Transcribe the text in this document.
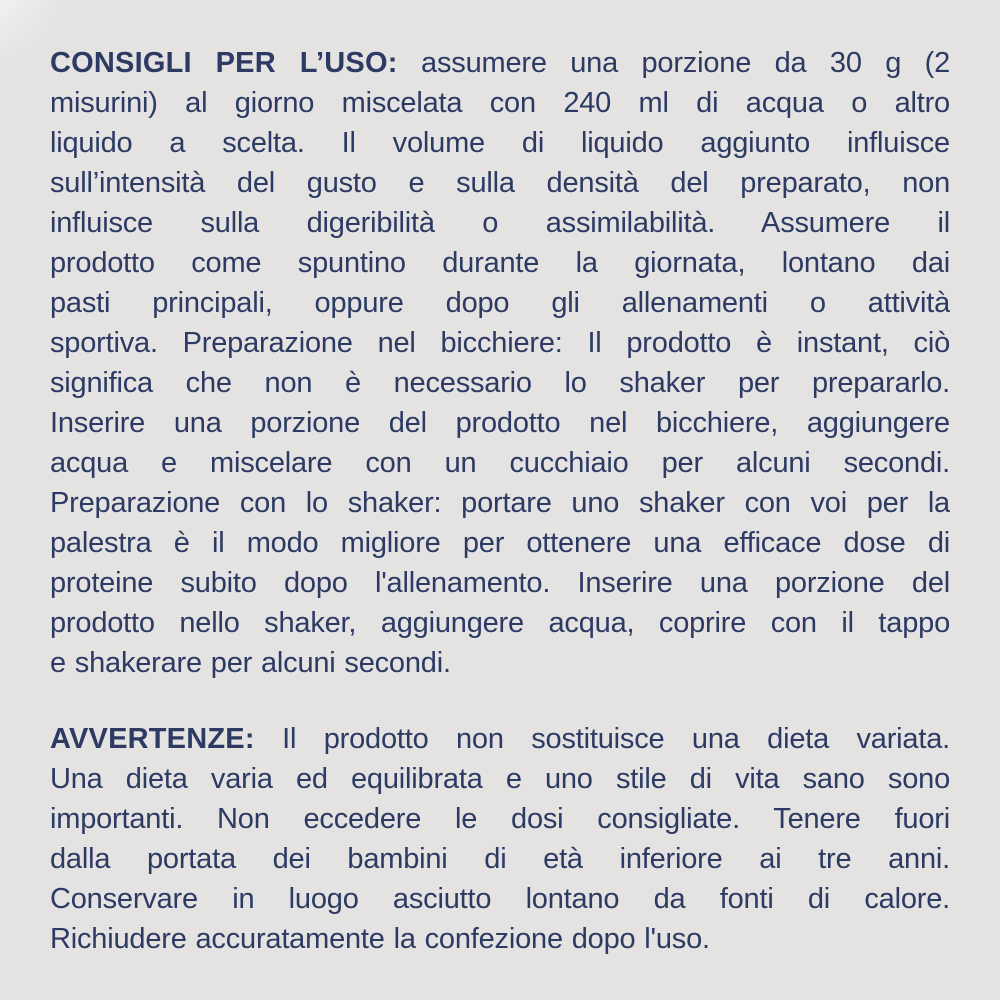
CONSIGLI PER L’USO: assumere una porzione da 30 g (2
misurini) al giorno miscelata con 240 ml di acqua o altro
liquido a scelta. Il volume di liquido aggiunto influisce
sull’intensità del gusto e sulla densità del preparato, non
influisce sulla digeribilità o assimilabilità. Assumere il
prodotto come spuntino durante la giornata, lontano dai
pasti principali, oppure dopo gli allenamenti o attività
sportiva. Preparazione nel bicchiere: Il prodotto è instant, ciò
significa che non è necessario lo shaker per prepararlo.
Inserire una porzione del prodotto nel bicchiere, aggiungere
acqua e miscelare con un cucchiaio per alcuni secondi.
Preparazione con lo shaker: portare uno shaker con voi per la
palestra è il modo migliore per ottenere una efficace dose di
proteine subito dopo l'allenamento. Inserire una porzione del
prodotto nello shaker, aggiungere acqua, coprire con il tappo
e shakerare per alcuni secondi.
AVVERTENZE: Il prodotto non sostituisce una dieta variata.
Una dieta varia ed equilibrata e uno stile di vita sano sono
importanti. Non eccedere le dosi consigliate. Tenere fuori
dalla portata dei bambini di età inferiore ai tre anni.
Conservare in luogo asciutto lontano da fonti di calore.
Richiudere accuratamente la confezione dopo l'uso.
